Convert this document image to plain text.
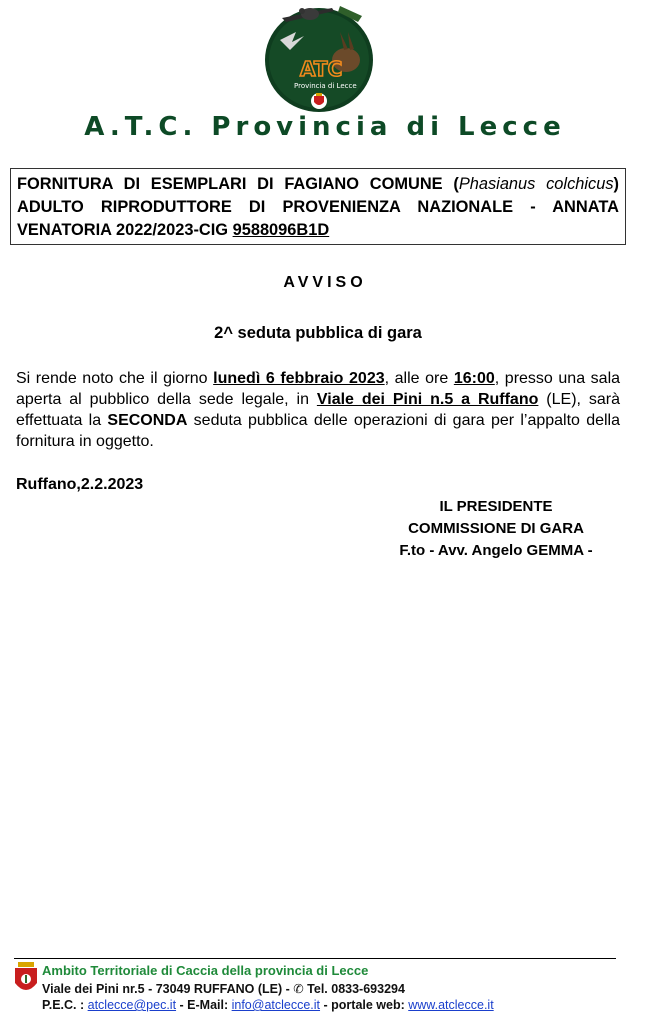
ATC
Provincia di Lecce
A.T.C. Provincia di Lecce

FORNITURA DI ESEMPLARI DI FAGIANO COMUNE (Phasianus colchicus) ADULTO RIPRODUTTORE DI PROVENIENZA NAZIONALE - ANNATA VENATORIA 2022/2023-CIG 9588096B1D

AVVISO
2^ seduta pubblica di gara

Si rende noto che il giorno lunedì 6 febbraio 2023, alle ore 16:00, presso una sala aperta al pubblico della sede legale, in Viale dei Pini n.5 a Ruffano (LE), sarà effettuata la SECONDA seduta pubblica delle operazioni di gara per l’appalto della fornitura in oggetto.

Ruffano,2.2.2023
IL PRESIDENTE
COMMISSIONE DI GARA
F.to - Avv. Angelo GEMMA -
Ambito Territoriale di Caccia della provincia di Lecce
Viale dei Pini nr.5 - 73049 RUFFANO (LE) - ✆ Tel. 0833-693294
P.E.C. : atclecce@pec.it - E-Mail: info@atclecce.it - portale web: www.atclecce.it
